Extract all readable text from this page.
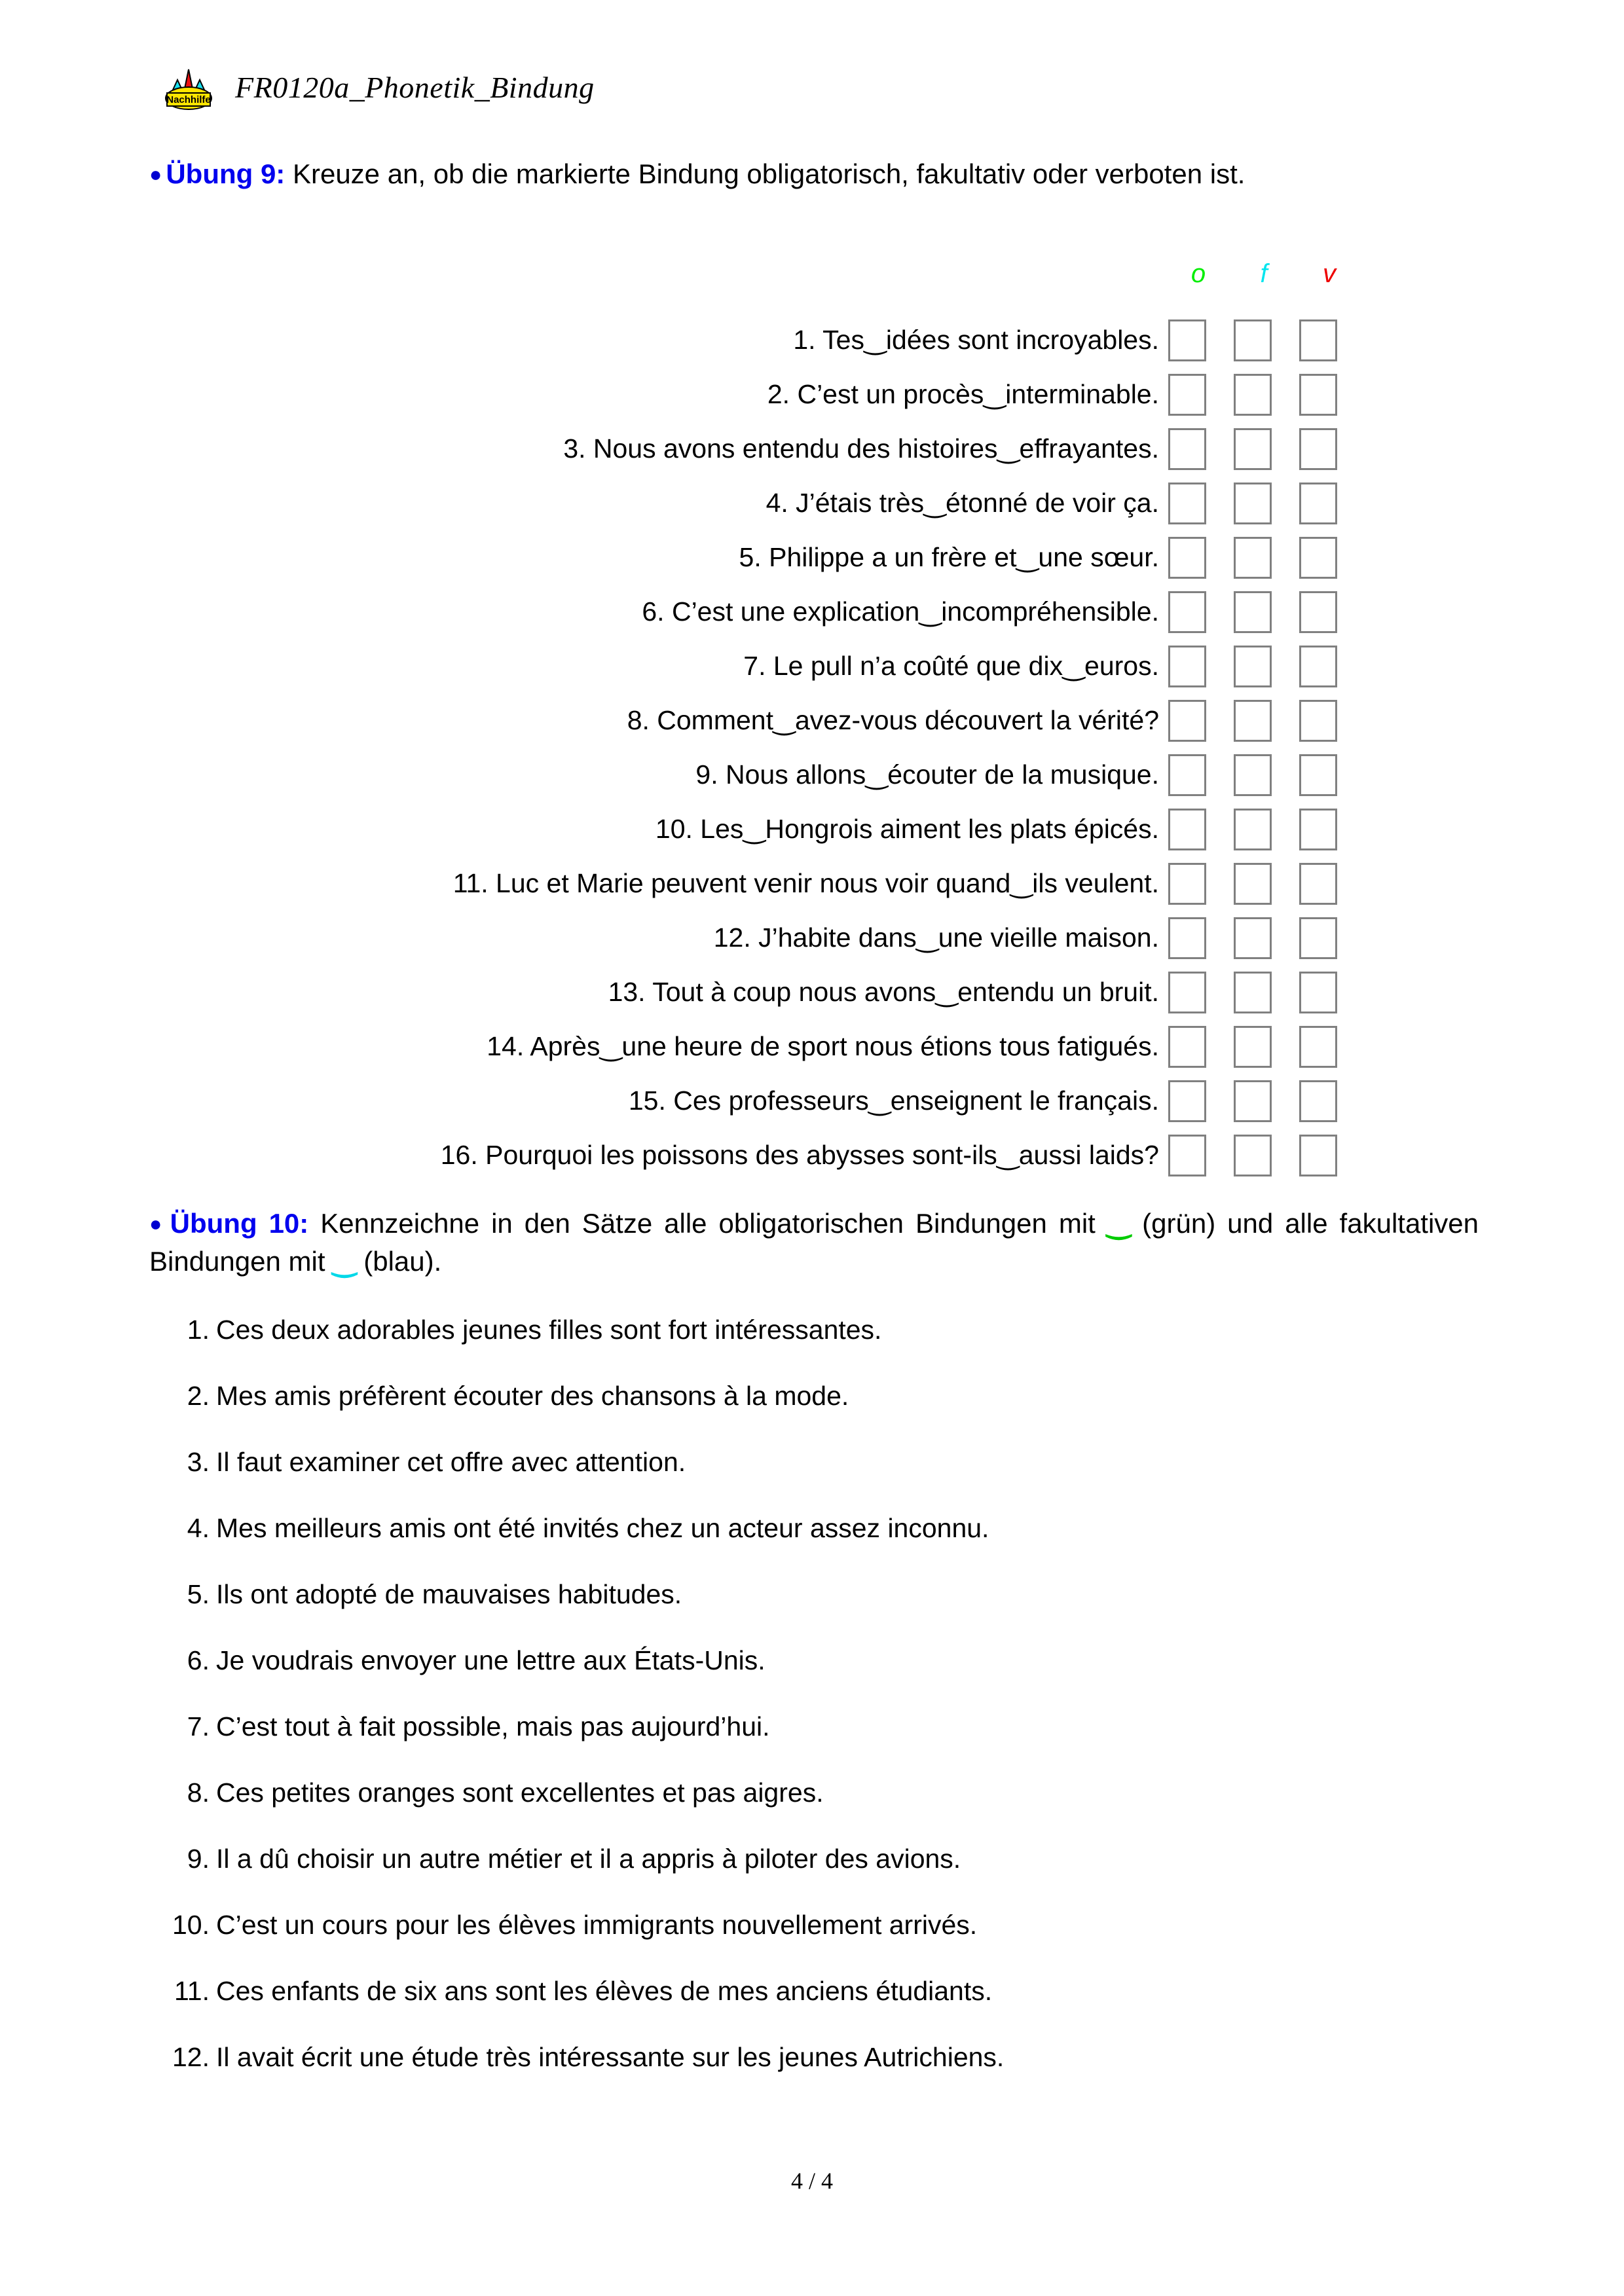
Nachhilfe FR0120a_Phonetik_Bindung
● Übung 9: Kreuze an, ob die markierte Bindung obligatorisch, fakultativ oder verboten ist.
o	f	v
1. Tes‿idées sont incroyables.
2. C’est un procès‿interminable.
3. Nous avons entendu des histoires‿effrayantes.
4. J’étais très‿étonné de voir ça.
5. Philippe a un frère et‿une sœur.
6. C’est une explication‿incompréhensible.
7. Le pull n’a coûté que dix‿euros.
8. Comment‿avez-vous découvert la vérité?
9. Nous allons‿écouter de la musique.
10. Les‿Hongrois aiment les plats épicés.
11. Luc et Marie peuvent venir nous voir quand‿ils veulent.
12. J’habite dans‿une vieille maison.
13. Tout à coup nous avons‿entendu un bruit.
14. Après‿une heure de sport nous étions tous fatigués.
15. Ces professeurs‿enseignent le français.
16. Pourquoi les poissons des abysses sont-ils‿aussi laids?
● Übung 10: Kennzeichne in den Sätze alle obligatorischen Bindungen mit ‿ (grün) und alle fakultativen Bindungen mit ‿ (blau).
1. Ces deux adorables jeunes filles sont fort intéressantes.
2. Mes amis préfèrent écouter des chansons à la mode.
3. Il faut examiner cet offre avec attention.
4. Mes meilleurs amis ont été invités chez un acteur assez inconnu.
5. Ils ont adopté de mauvaises habitudes.
6. Je voudrais envoyer une lettre aux États-Unis.
7. C’est tout à fait possible, mais pas aujourd’hui.
8. Ces petites oranges sont excellentes et pas aigres.
9. Il a dû choisir un autre métier et il a appris à piloter des avions.
10. C’est un cours pour les élèves immigrants nouvellement arrivés.
11. Ces enfants de six ans sont les élèves de mes anciens étudiants.
12. Il avait écrit une étude très intéressante sur les jeunes Autrichiens.
4 / 4
